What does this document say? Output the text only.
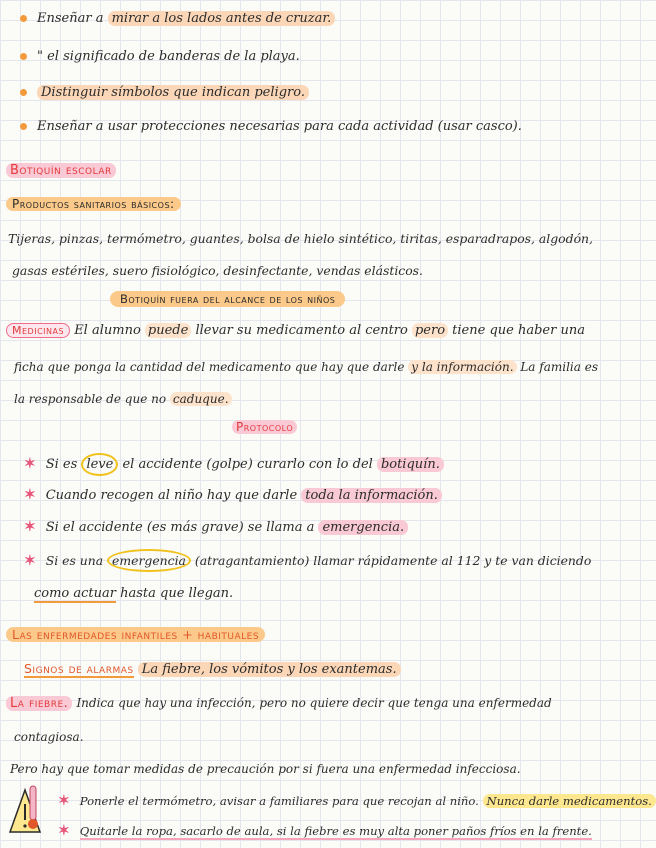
Enseñar a mirar a los lados antes de cruzar.
" el significado de banderas de la playa.
Distinguir símbolos que indican peligro.
Enseñar a usar protecciones necesarias para cada actividad (usar casco).
Botiquín escolar
Productos sanitarios básicos:
Tijeras, pinzas, termómetro, guantes, bolsa de hielo sintético, tiritas, esparadrapos, algodón,
gasas estériles, suero fisiológico, desinfectante, vendas elásticos.
Botiquín fuera del alcance de los niños
Medicinas El alumno puede llevar su medicamento al centro pero tiene que haber una
ficha que ponga la cantidad del medicamento que hay que darle y la información. La familia es
la responsable de que no caduque.
Protocolo
✶ Si es leve el accidente (golpe) curarlo con lo del botiquín.
✶ Cuando recogen al niño hay que darle toda la información.
✶ Si el accidente (es más grave) se llama a emergencia.
✶ Si es una emergencia (atragantamiento) llamar rápidamente al 112 y te van diciendo
como actuar hasta que llegan.
Las enfermedades infantiles + habituales
Signos de alarmas La fiebre, los vómitos y los exantemas.
La fiebre. Indica que hay una infección, pero no quiere decir que tenga una enfermedad
contagiosa.
Pero hay que tomar medidas de precaución por si fuera una enfermedad infecciosa.
✶ Ponerle el termómetro, avisar a familiares para que recojan al niño. Nunca darle medicamentos.
✶ Quitarle la ropa, sacarlo de aula, si la fiebre es muy alta poner paños fríos en la frente.
